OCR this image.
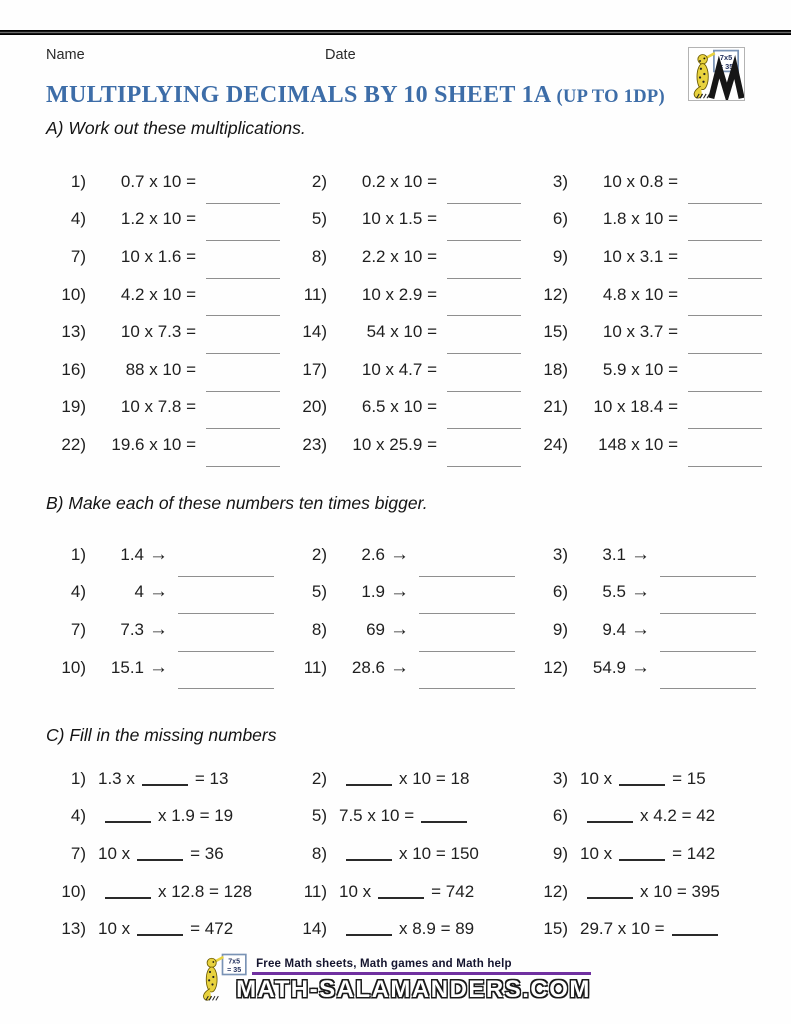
Name	Date	7x5
= 35
MULTIPLYING DECIMALS BY 10 SHEET 1A (UP TO 1DP)
A) Work out these multiplications.
1)	0.7 x 10 =	2)	0.2 x 10 =	3)	10 x 0.8 =
4)	1.2 x 10 =	5)	10 x 1.5 =	6)	1.8 x 10 =
7)	10 x 1.6 =	8)	2.2 x 10 =	9)	10 x 3.1 =
10)	4.2 x 10 =	11)	10 x 2.9 =	12)	4.8 x 10 =
13)	10 x 7.3 =	14)	54 x 10 =	15)	10 x 3.7 =
16)	88 x 10 =	17)	10 x 4.7 =	18)	5.9 x 10 =
19)	10 x 7.8 =	20)	6.5 x 10 =	21)	10 x 18.4 =
22)	19.6 x 10 =	23)	10 x 25.9 =	24)	148 x 10 =
B) Make each of these numbers ten times bigger.
1)	1.4 →	2)	2.6 →	3)	3.1 →
4)	4 →	5)	1.9 →	6)	5.5 →
7)	7.3 →	8)	69 →	9)	9.4 →
10)	15.1 →	11)	28.6 →	12)	54.9 →
C) Fill in the missing numbers
1) 1.3 x	= 13	2)	x 10 = 18	3) 10 x	= 15
4)	x 1.9 = 19	5) 7.5 x 10 =	6)	x 4.2 = 42
7) 10 x	= 36	8)	x 10 = 150	9) 10 x	= 142
10)	x 12.8 = 128	11) 10 x	= 742	12)	x 10 = 395
13) 10 x	= 472	14)	x 8.9 = 89	15) 29.7 x 10 =
7x5
= 35	Free Math sheets, Math games and Math help
MATH-SALAMANDERS.COM
